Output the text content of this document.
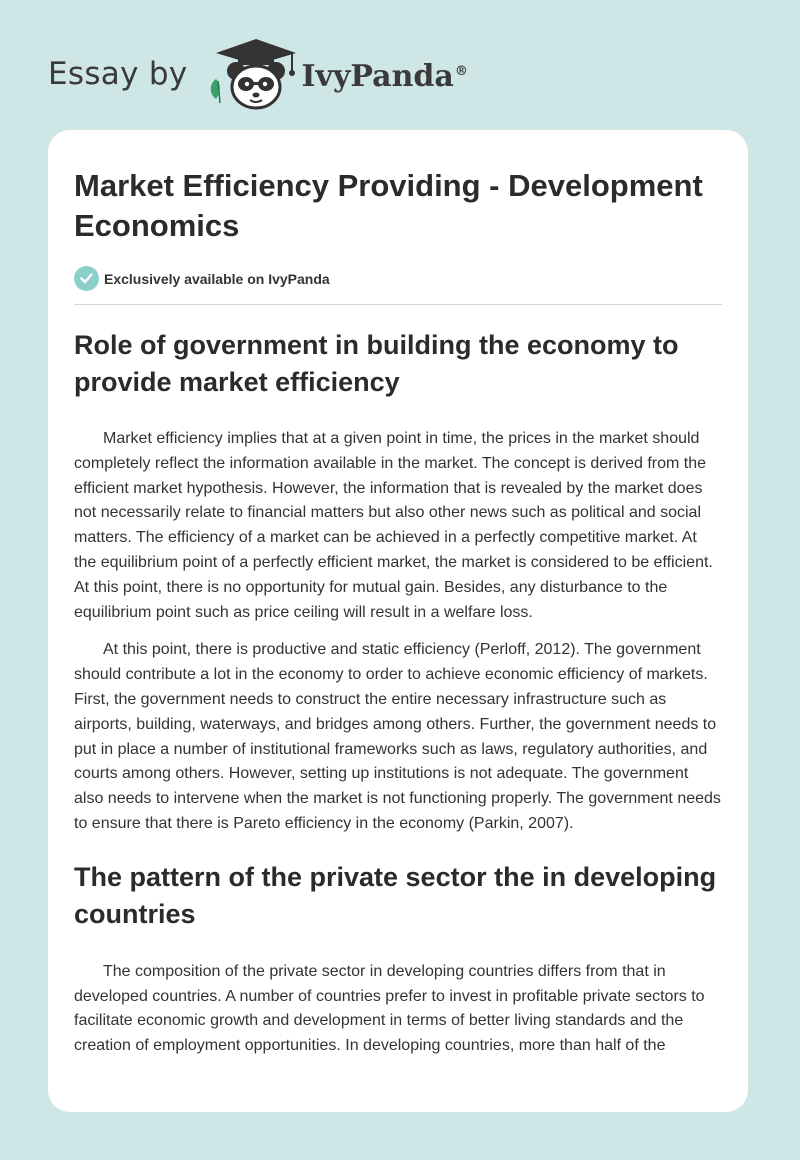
Essay by	IvyPanda®
Market Efficiency Providing - Development Economics
Exclusively available on IvyPanda
Role of government in building the economy to provide market efficiency

Market efficiency implies that at a given point in time, the prices in the market should completely reflect the information available in the market. The concept is derived from the efficient market hypothesis. However, the information that is revealed by the market does not necessarily relate to financial matters but also other news such as political and social matters. The efficiency of a market can be achieved in a perfectly competitive market. At the equilibrium point of a perfectly efficient market, the market is considered to be efficient. At this point, there is no opportunity for mutual gain. Besides, any disturbance to the equilibrium point such as price ceiling will result in a welfare loss.

At this point, there is productive and static efficiency (Perloff, 2012). The government should contribute a lot in the economy to order to achieve economic efficiency of markets. First, the government needs to construct the entire necessary infrastructure such as airports, building, waterways, and bridges among others. Further, the government needs to put in place a number of institutional frameworks such as laws, regulatory authorities, and courts among others. However, setting up institutions is not adequate. The government also needs to intervene when the market is not functioning properly. The government needs to ensure that there is Pareto efficiency in the economy (Parkin, 2007).

The pattern of the private sector the in developing countries

The composition of the private sector in developing countries differs from that in developed countries. A number of countries prefer to invest in profitable private sectors to facilitate economic growth and development in terms of better living standards and the creation of employment opportunities. In developing countries, more than half of the
